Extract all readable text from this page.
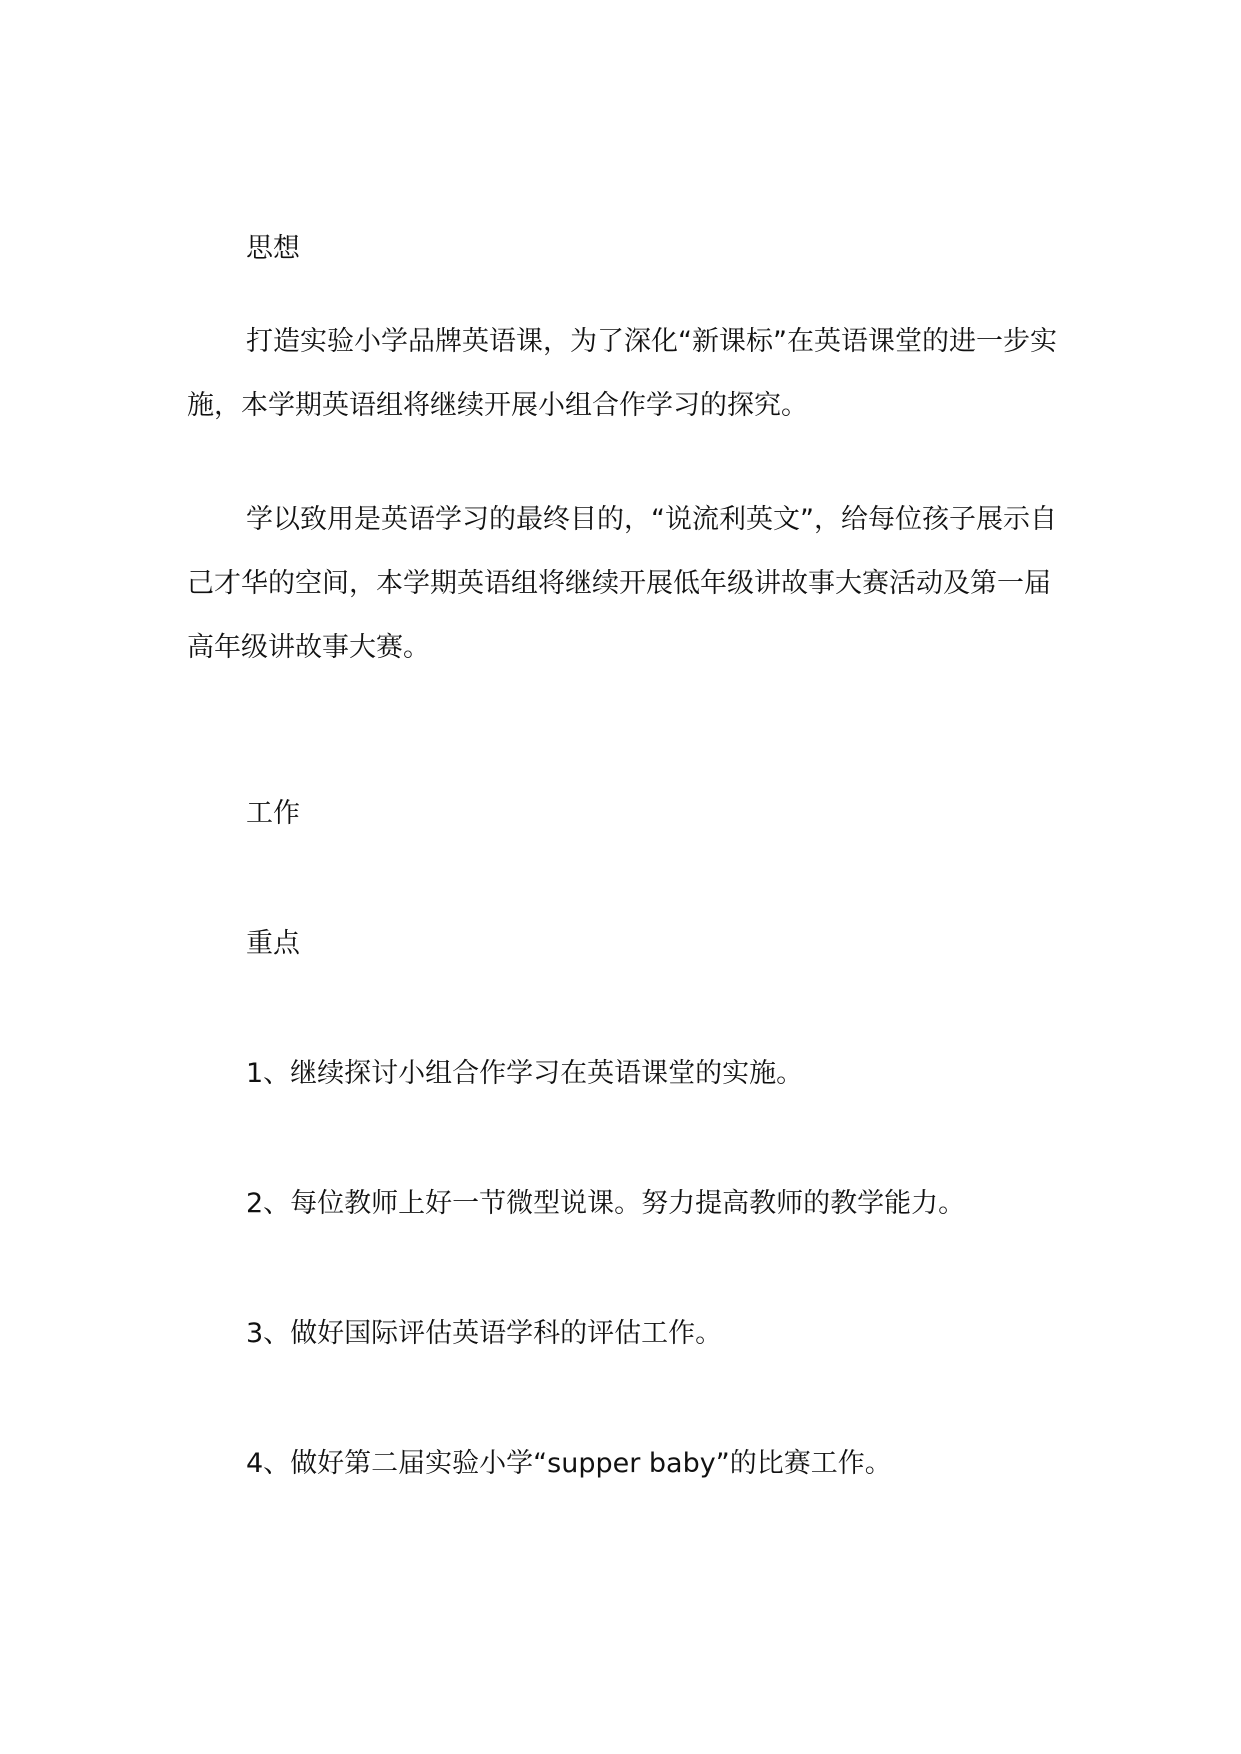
思想

打造实验小学品牌英语课，为了深化“新课标”在英语课堂的进一步实施，本学期英语组将继续开展小组合作学习的探究。

学以致用是英语学习的最终目的，“说流利英文”，给每位孩子展示自己才华的空间，本学期英语组将继续开展低年级讲故事大赛活动及第一届高年级讲故事大赛。

工作

重点

1、继续探讨小组合作学习在英语课堂的实施。

2、每位教师上好一节微型说课。努力提高教师的教学能力。

3、做好国际评估英语学科的评估工作。

4、做好第二届实验小学“supper baby”的比赛工作。
